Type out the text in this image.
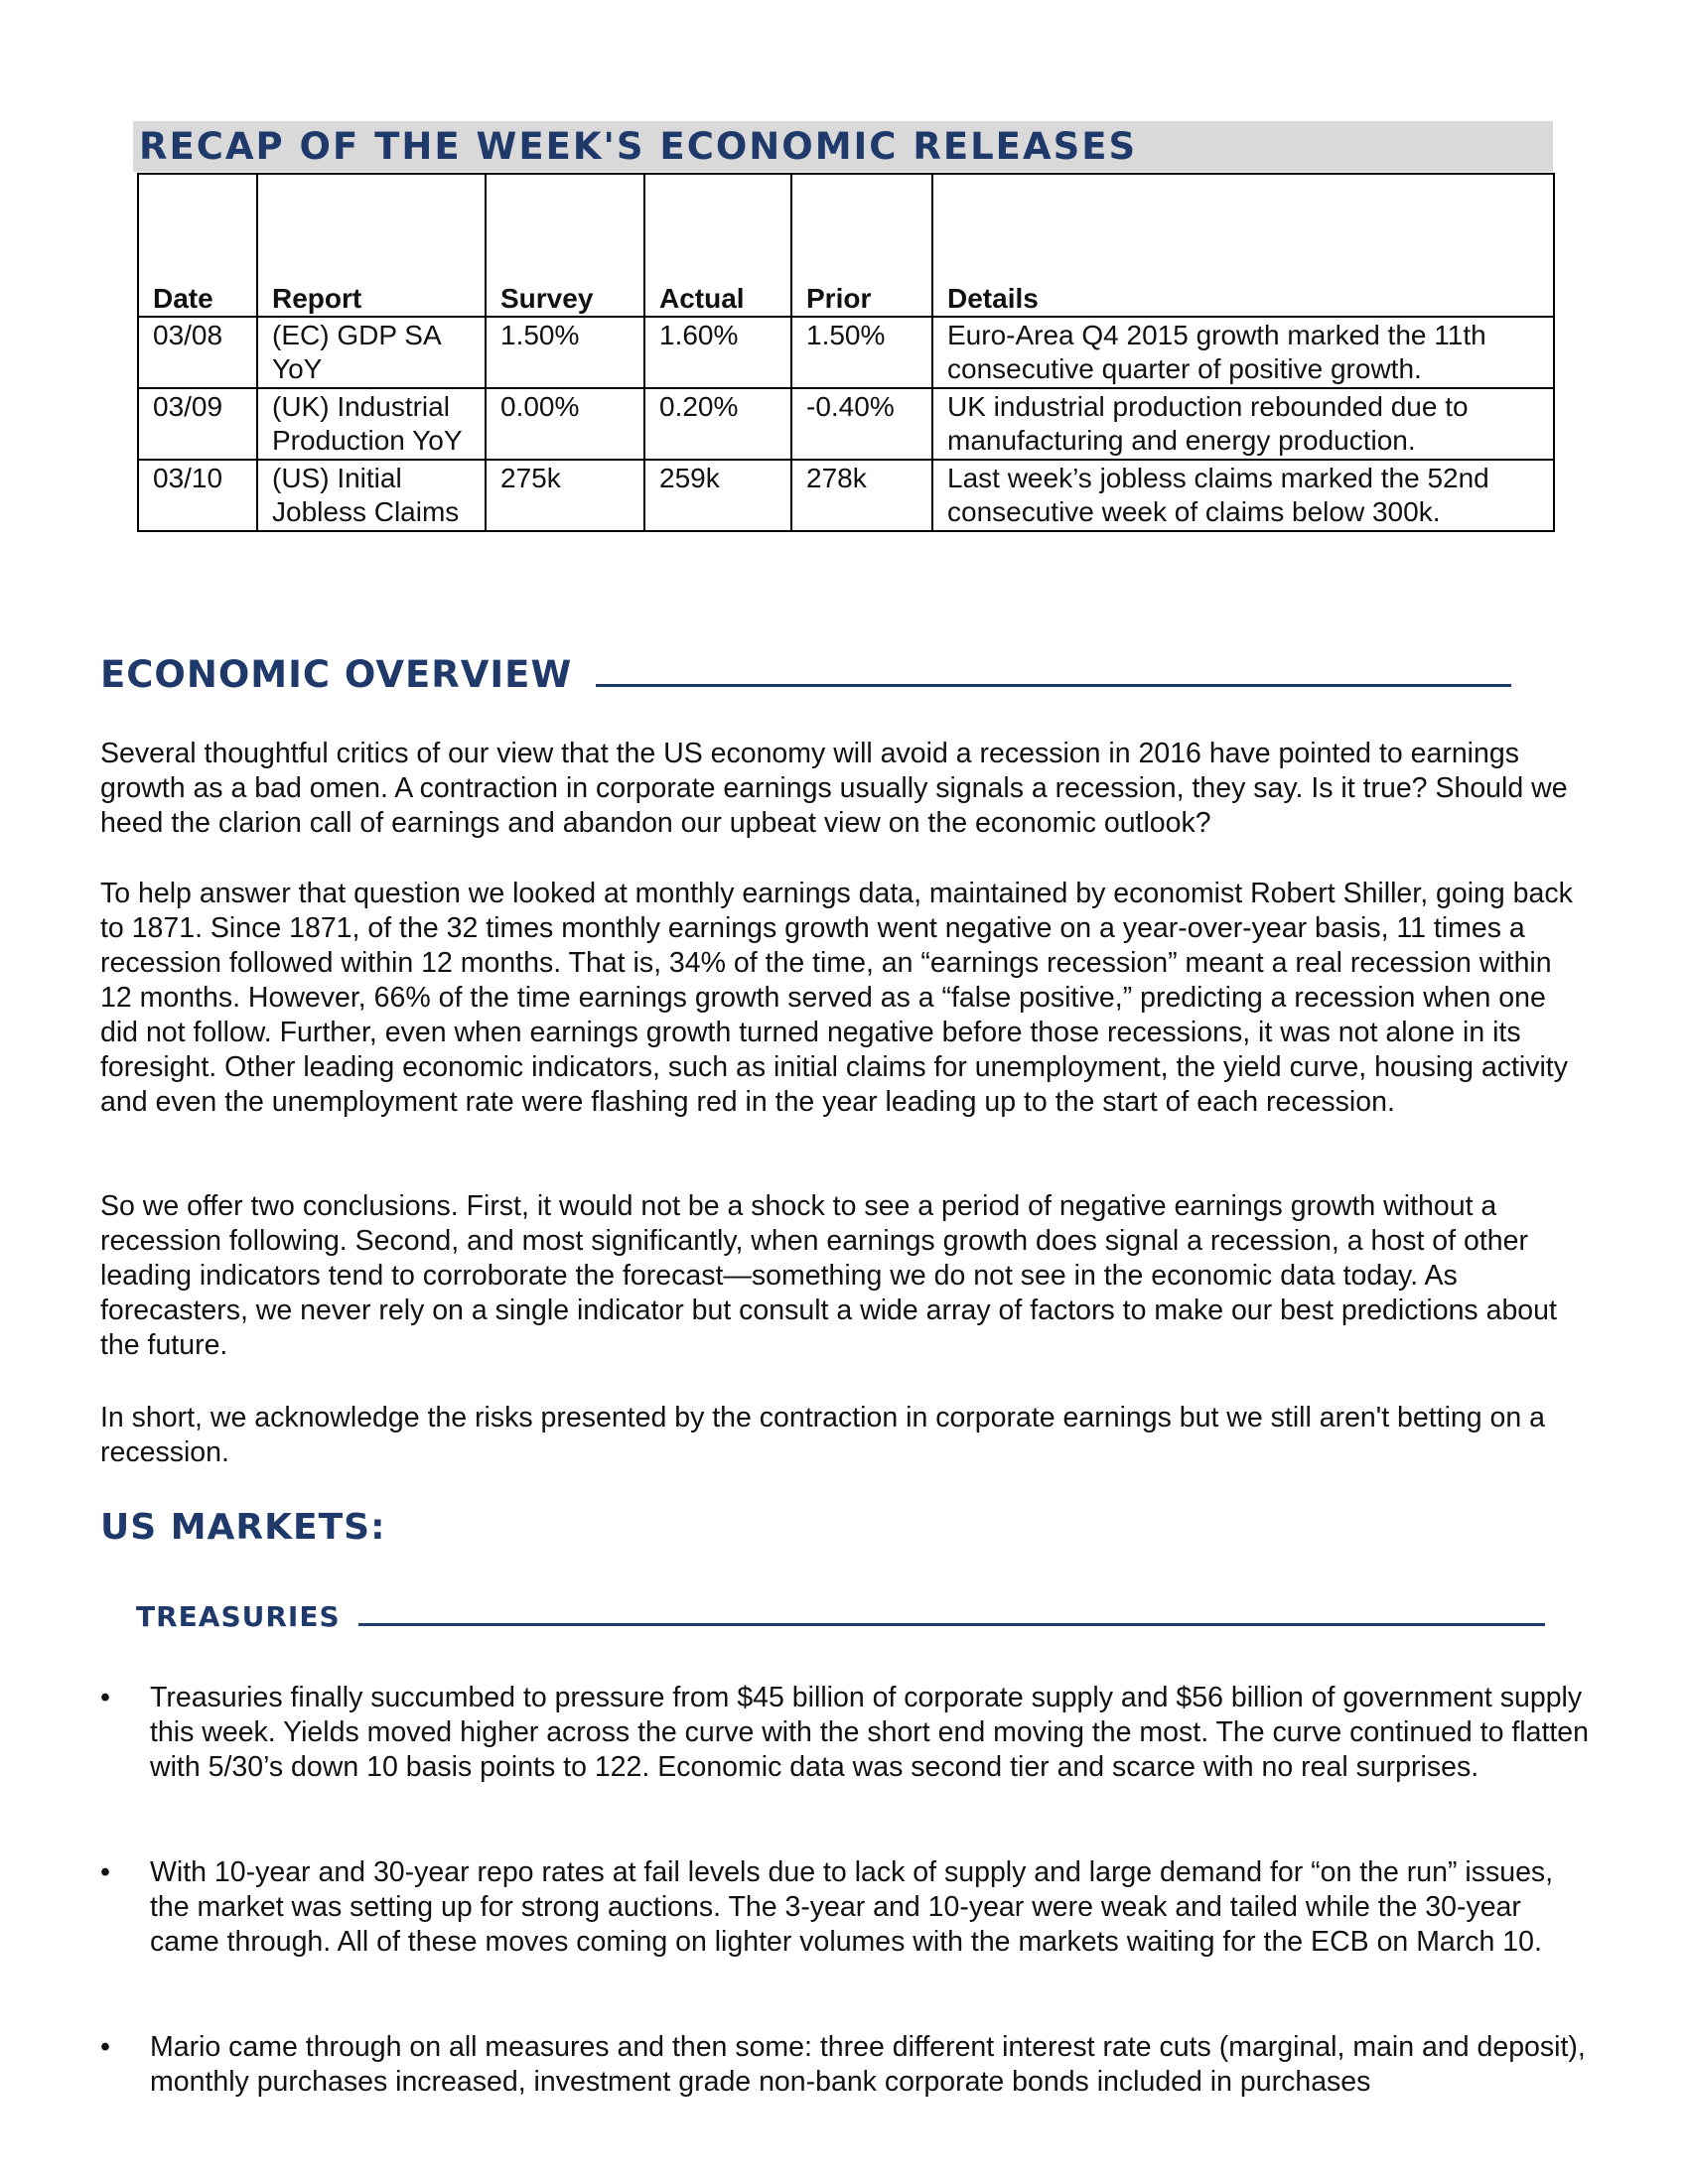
RECAP OF THE WEEK'S ECONOMIC RELEASES
Date	Report	Survey	Actual	Prior	Details
03/08	(EC) GDP SA YoY	1.50%	1.60%	1.50%	Euro-Area Q4 2015 growth marked the 11th consecutive quarter of positive growth.
03/09	(UK) Industrial Production YoY	0.00%	0.20%	-0.40%	UK industrial production rebounded due to manufacturing and energy production.
03/10	(US) Initial Jobless Claims	275k	259k	278k	Last week’s jobless claims marked the 52nd consecutive week of claims below 300k.
ECONOMIC OVERVIEW

Several thoughtful critics of our view that the US economy will avoid a recession in 2016 have pointed to earnings growth as a bad omen. A contraction in corporate earnings usually signals a recession, they say. Is it true? Should we heed the clarion call of earnings and abandon our upbeat view on the economic outlook?

To help answer that question we looked at monthly earnings data, maintained by economist Robert Shiller, going back to 1871. Since 1871, of the 32 times monthly earnings growth went negative on a year-over-year basis, 11 times a recession followed within 12 months. That is, 34% of the time, an “earnings recession” meant a real recession within 12 months. However, 66% of the time earnings growth served as a “false positive,” predicting a recession when one did not follow. Further, even when earnings growth turned negative before those recessions, it was not alone in its foresight. Other leading economic indicators, such as initial claims for unemployment, the yield curve, housing activity and even the unemployment rate were flashing red in the year leading up to the start of each recession.

So we offer two conclusions. First, it would not be a shock to see a period of negative earnings growth without a recession following. Second, and most significantly, when earnings growth does signal a recession, a host of other leading indicators tend to corroborate the forecast—something we do not see in the economic data today. As forecasters, we never rely on a single indicator but consult a wide array of factors to make our best predictions about the future.

In short, we acknowledge the risks presented by the contraction in corporate earnings but we still aren't betting on a recession.

US MARKETS:
TREASURIES
•	Treasuries finally succumbed to pressure from $45 billion of corporate supply and $56 billion of government supply this week. Yields moved higher across the curve with the short end moving the most. The curve continued to flatten with 5/30’s down 10 basis points to 122. Economic data was second tier and scarce with no real surprises.
•	With 10-year and 30-year repo rates at fail levels due to lack of supply and large demand for “on the run” issues, the market was setting up for strong auctions. The 3-year and 10-year were weak and tailed while the 30-year came through. All of these moves coming on lighter volumes with the markets waiting for the ECB on March 10.
•	Mario came through on all measures and then some: three different interest rate cuts (marginal, main and deposit), monthly purchases increased, investment grade non-bank corporate bonds included in purchases
